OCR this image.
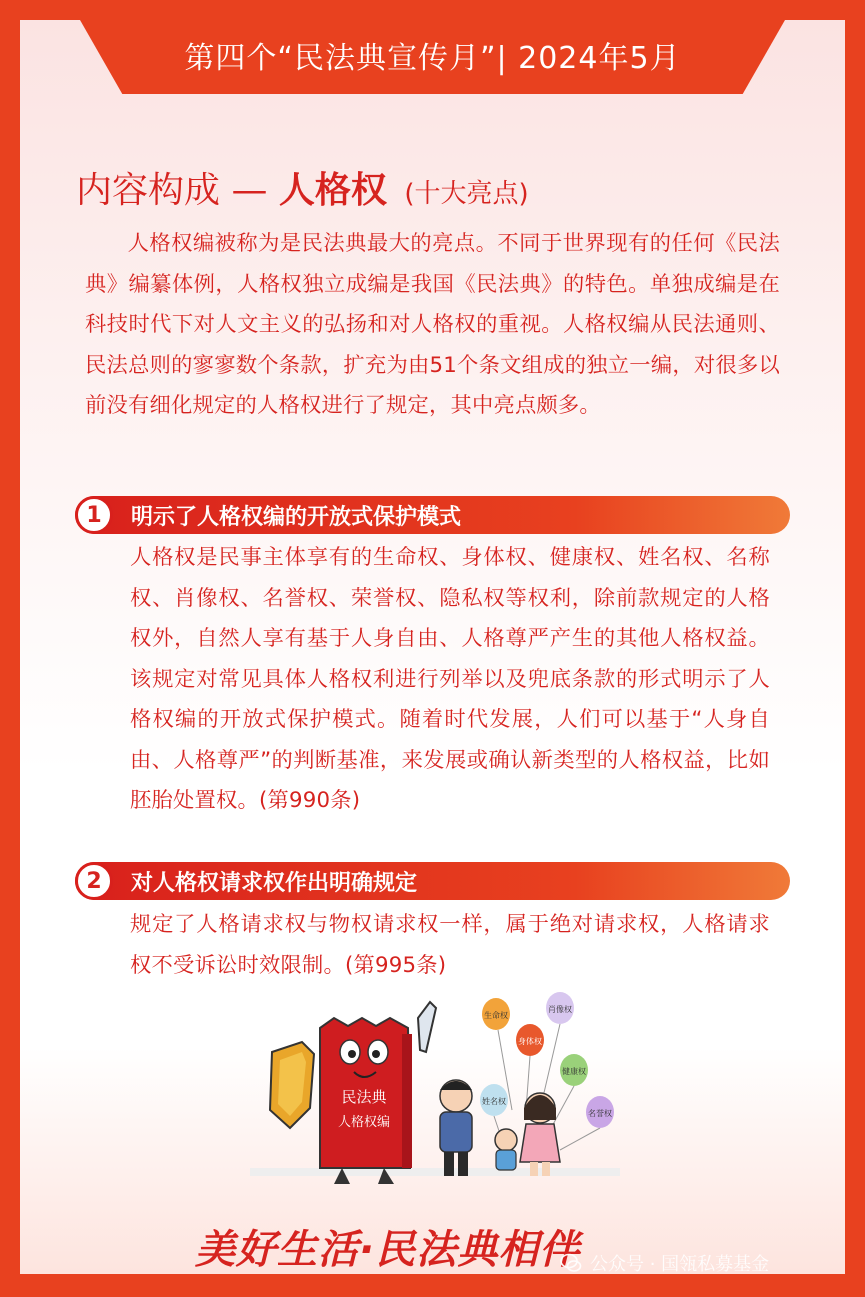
第四个“民法典宣传月”| 2024年5月
内容构成 — 人格权 (十大亮点)
人格权编被称为是民法典最大的亮点。不同于世界现有的任何《民法典》编纂体例，人格权独立成编是我国《民法典》的特色。单独成编是在科技时代下对人文主义的弘扬和对人格权的重视。人格权编从民法通则、民法总则的寥寥数个条款，扩充为由51个条文组成的独立一编，对很多以前没有细化规定的人格权进行了规定，其中亮点颇多。
1	明示了人格权编的开放式保护模式
人格权是民事主体享有的生命权、身体权、健康权、姓名权、名称权、肖像权、名誉权、荣誉权、隐私权等权利，除前款规定的人格权外，自然人享有基于人身自由、人格尊严产生的其他人格权益。该规定对常见具体人格权利进行列举以及兜底条款的形式明示了人格权编的开放式保护模式。随着时代发展，人们可以基于“人身自由、人格尊严”的判断基准，来发展或确认新类型的人格权益，比如胚胎处置权。(第990条)
2	对人格权请求权作出明确规定
规定了人格请求权与物权请求权一样，属于绝对请求权，人格请求权不受诉讼时效限制。(第995条)
民法典
人格权编
生命权
肖像权
身体权
健康权
姓名权
名誉权
美好生活·民法典相伴 公众号 · 国瓴私募基金
